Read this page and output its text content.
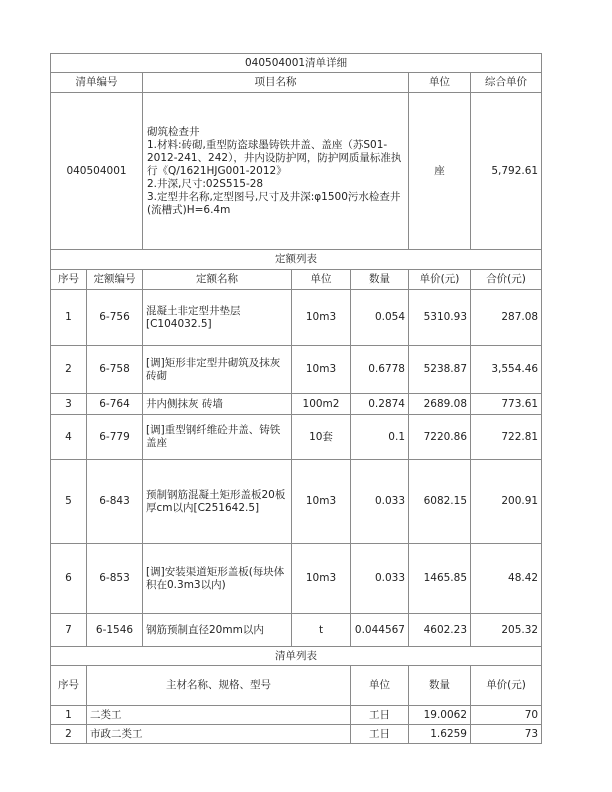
040504001清单详细							
清单编号		项目名称			单位	综合单价	
040504001		砌筑检查井
1.材料:砖砌,重型防盗球墨铸铁井盖、盖座（苏S01-2012-241、242），井内设防护网，防护网质量标准执行《Q/1621HJG001-2012》
2.井深,尺寸:02S515-28
3.定型井名称,定型图号,尺寸及井深:φ1500污水检查井(流槽式)H=6.4m			座	5,792.61	
定额列表							
序号	定额编号	定额名称	单位	数量	单价(元)	合价(元)	
1	6-756	混凝土非定型井垫层[C104032.5]	10m3	0.054	5310.93	287.08	
2	6-758	[调]矩形非定型井砌筑及抹灰 砖砌	10m3	0.6778	5238.87	3,554.46	
3	6-764	井内侧抹灰 砖墙	100m2	0.2874	2689.08	773.61	
4	6-779	[调]重型钢纤维砼井盖、铸铁盖座	10套	0.1	7220.86	722.81	
5	6-843	预制钢筋混凝土矩形盖板20板厚cm以内[C251642.5]	10m3	0.033	6082.15	200.91	
6	6-853	[调]安装渠道矩形盖板(每块体积在0.3m3以内)	10m3	0.033	1465.85	48.42	
7	6-1546	钢筋预制直径20mm以内	t	0.044567	4602.23	205.32	
清单列表							
序号	主材名称、规格、型号			单位	数量	单价(元)	
1	二类工			工日	19.0062	70	
2	市政二类工			工日	1.6259	73	
